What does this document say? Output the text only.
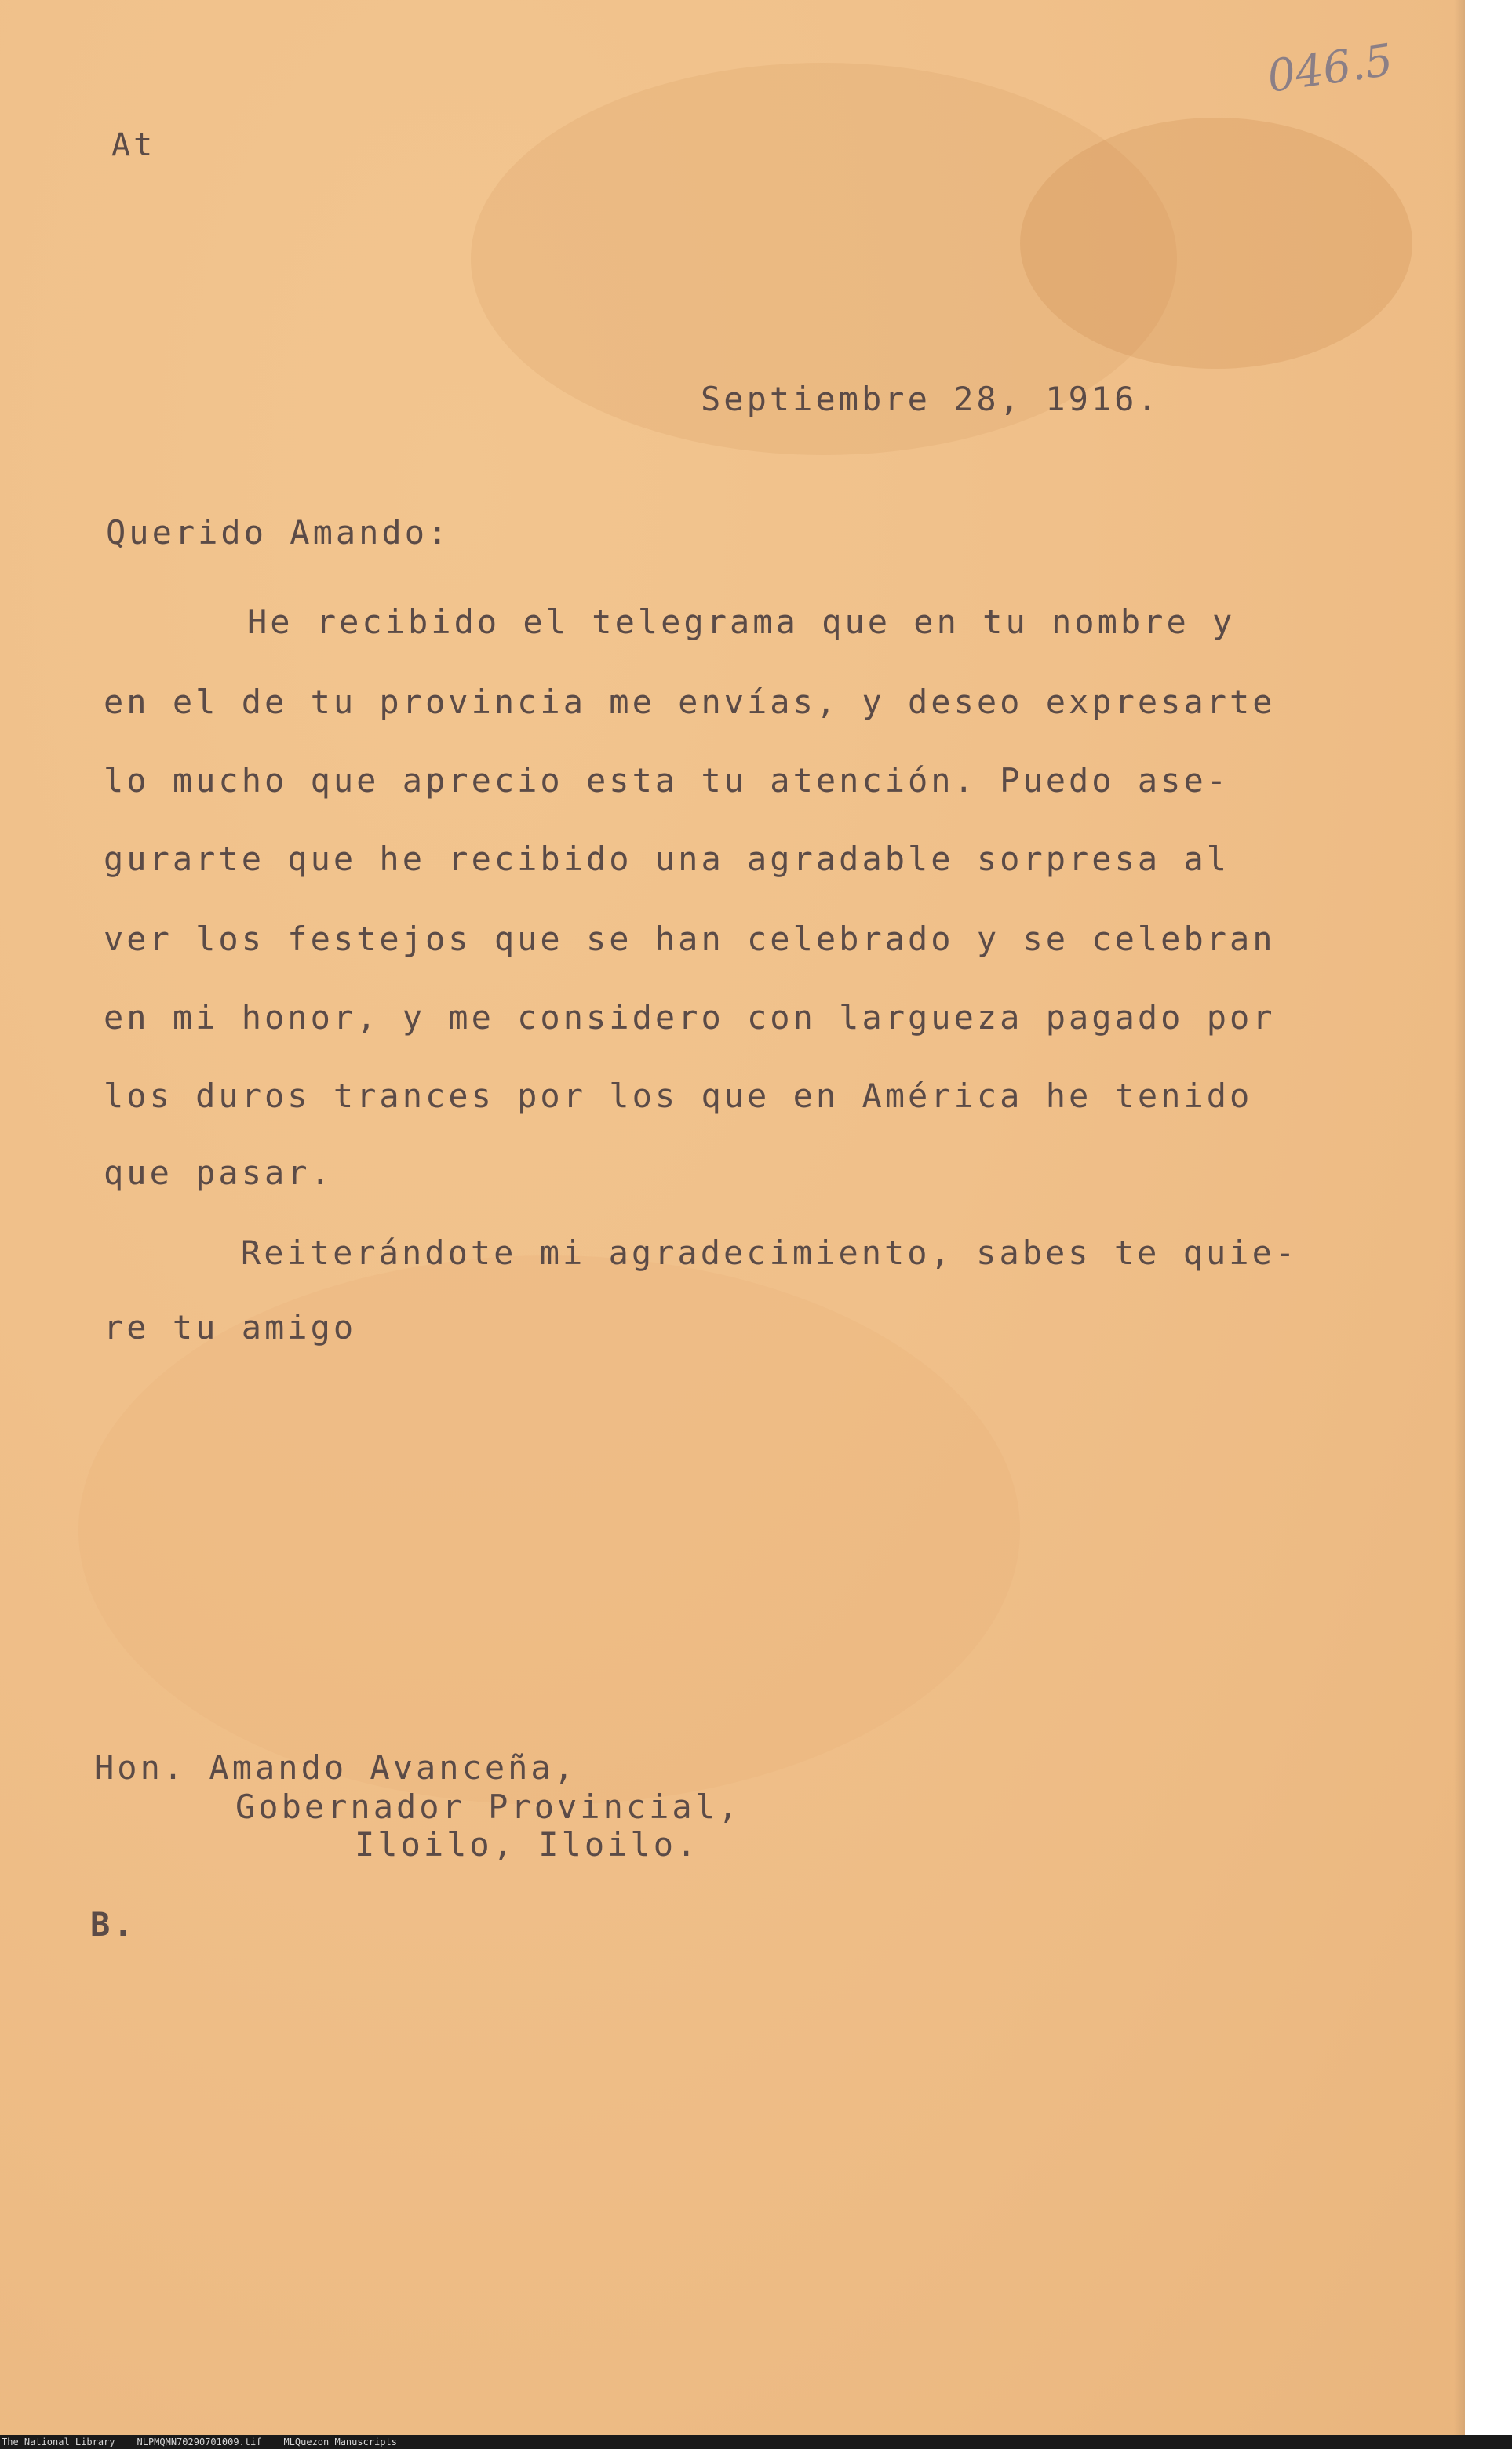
At
046.5
Septiembre 28, 1916.
Querido Amando:
He recibido el telegrama que en tu nombre y
en el de tu provincia me envías, y deseo expresarte
lo mucho que aprecio esta tu atención. Puedo ase-
gurarte que he recibido una agradable sorpresa al
ver los festejos que se han celebrado y se celebran
en mi honor, y me considero con largueza pagado por
los duros trances por los que en América he tenido
que pasar.
Reiterándote mi agradecimiento, sabes te quie-
re tu amigo
Hon. Amando Avanceña,
Gobernador Provincial,
Iloilo, Iloilo.
B.
The National Library NLPMQMN70290701009.tif MLQuezon Manuscripts
